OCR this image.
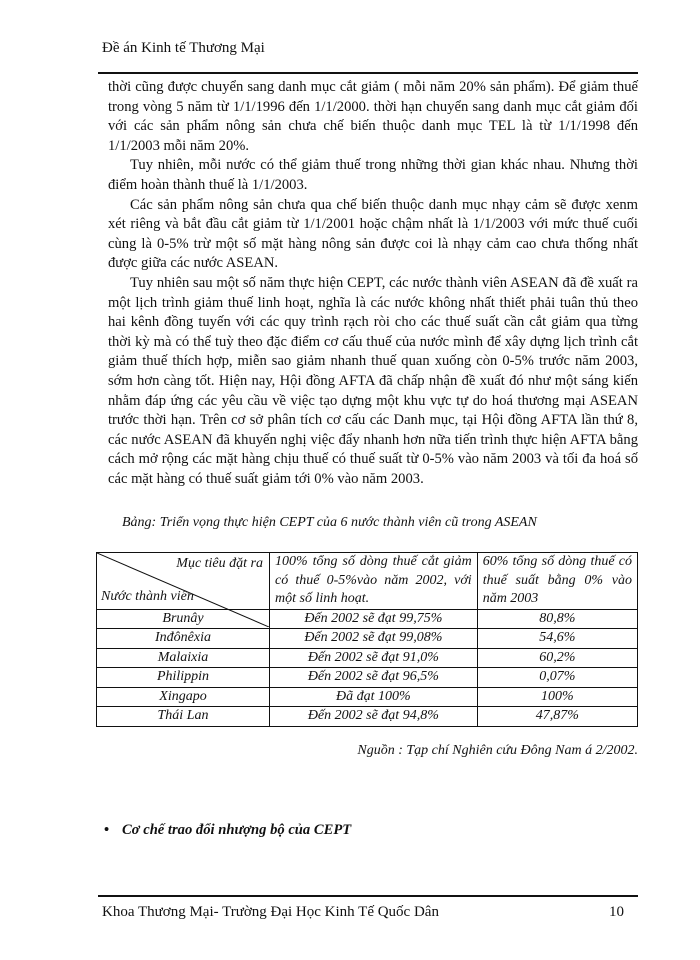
Đề án Kinh tế Thương Mại

thời cũng được chuyển sang danh mục cắt giảm ( mỗi năm 20% sản phẩm). Để giảm thuế trong vòng 5 năm từ 1/1/1996 đến 1/1/2000. thời hạn chuyển sang danh mục cắt giảm đối với các sản phẩm nông sản chưa chế biến thuộc danh mục TEL là từ 1/1/1998 đến 1/1/2003 mỗi năm 20%.

Tuy nhiên, mỗi nước có thể giảm thuế trong những thời gian khác nhau. Nhưng thời điểm hoàn thành thuế là 1/1/2003.

Các sản phẩm nông sản chưa qua chế biến thuộc danh mục nhạy cảm sẽ được xenm xét riêng và bắt đầu cắt giảm từ 1/1/2001 hoặc chậm nhất là 1/1/2003 với mức thuế cuối cùng là 0-5% trừ một số mặt hàng nông sản được coi là nhạy cảm cao chưa thống nhất được giữa các nước ASEAN.

Tuy nhiên sau một số năm thực hiện CEPT, các nước thành viên ASEAN đã đề xuất ra một lịch trình giảm thuế linh hoạt, nghĩa là các nước không nhất thiết phải tuân thủ theo hai kênh đồng tuyến với các quy trình rạch ròi cho các thuế suất cần cắt giảm qua từng thời kỳ mà có thể tuỳ theo đặc điểm cơ cấu thuế của nước mình để xây dựng lịch trình cắt giảm thuế thích hợp, miễn sao giảm nhanh thuế quan xuống còn 0-5% trước năm 2003, sớm hơn càng tốt. Hiện nay, Hội đồng AFTA đã chấp nhận đề xuất đó như một sáng kiến nhằm đáp ứng các yêu cầu về việc tạo dựng một khu vực tự do hoá thương mại ASEAN trước thời hạn. Trên cơ sở phân tích cơ cấu các Danh mục, tại Hội đồng AFTA lần thứ 8, các nước ASEAN đã khuyến nghị việc đẩy nhanh hơn nữa tiến trình thực hiện AFTA bằng cách mở rộng các mặt hàng chịu thuế có thuế suất từ 0-5% vào năm 2003 và tối đa hoá số các mặt hàng có thuế suất giảm tới 0% vào năm 2003.

Bảng: Triển vọng thực hiện CEPT của 6 nước thành viên cũ trong ASEAN
Mục tiêu đặt ra
Nước thành viên	100% tổng số dòng thuế cắt giảm có thuế 0-5%vào năm 2002, với một số linh hoạt.	60% tổng số dòng thuế có thuế suất bằng 0% vào năm 2003
Brunây	Đến 2002 sẽ đạt 99,75%	80,8%
Inđônêxia	Đến 2002 sẽ đạt 99,08%	54,6%
Malaixia	Đến 2002 sẽ đạt 91,0%	60,2%
Philippin	Đến 2002 sẽ đạt 96,5%	0,07%
Xingapo	Đã đạt 100%	100%
Thái Lan	Đến 2002 sẽ đạt 94,8%	47,87%
Nguồn : Tạp chí Nghiên cứu Đông Nam á 2/2002.
• Cơ chế trao đổi nhượng bộ của CEPT
Khoa Thương Mại- Trường Đại Học Kinh Tế Quốc Dân	10
